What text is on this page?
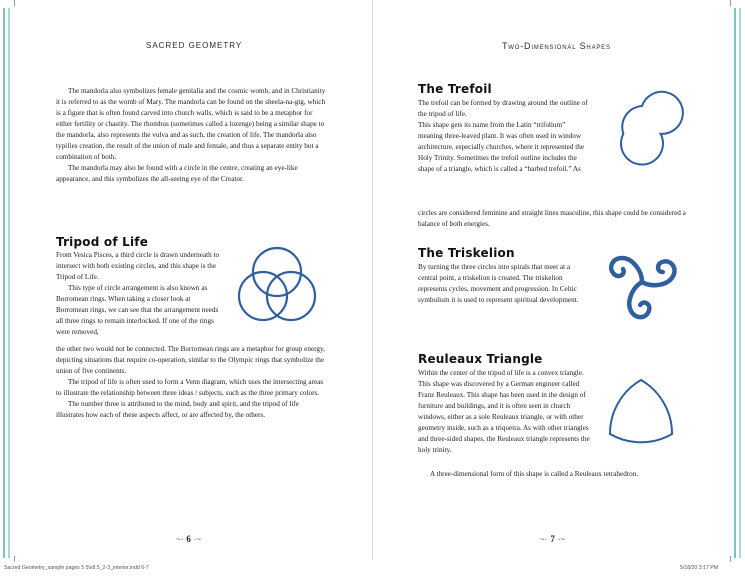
SACRED GEOMETRY	Two-Dimensional Shapes

The mandorla also symbolizes female genitalia and the cosmic womb, and in Christianity it is referred to as the womb of Mary. The mandorla can be found on the sheela-na-gig, which is a figure that is often found carved into church walls, which is said to be a metaphor for either fertility or chastity. The rhombus (sometimes called a lozenge) being a similar shape to the mandorla, also represents the vulva and as such, the creation of life. The mandorla also typifies creation, the result of the union of male and female, and thus a separate entity but a combination of both.

The mandorla may also be found with a circle in the centre, creating an eye-like appearance, and this symbolizes the all-seeing eye of the Creator.

Tripod of Life

From Vesica Pisces, a third circle is drawn underneath to intersect with both existing circles, and this shape is the Tripod of Life.

This type of circle arrangement is also known as Borromean rings. When taking a closer look at Borromean rings, we can see that the arrangement needs all three rings to remain interlocked. If one of the rings were removed,

the other two would not be connected. The Borromean rings are a metaphor for group energy, depicting situations that require co-operation, similar to the Olympic rings that symbolize the union of five continents.

The tripod of life is often used to form a Venn diagram, which uses the intersecting areas to illustrate the relationship between three ideas / subjects, such as the three primary colors.

The number three is attributed to the mind, body and spirit, and the tripod of life illustrates how each of these aspects affect, or are affected by, the others.

~· 6 ·~
Sacred Geometry_sample pages 5 5\x8.5_2-3_interior.indd 6-7
The Trefoil

The trefoil can be formed by drawing around the outline of the tripod of life.

This shape gets its name from the Latin “trifolium” meaning three-leaved plant. It was often used in window architecture, especially churches, where it represented the Holy Trinity. Sometimes the trefoil outline includes the shape of a triangle, which is called a “barbed trefoil.” As

circles are considered feminine and straight lines masculine, this shape could be considered a balance of both energies.

The Triskelion

By turning the three circles into spirals that meet at a central point, a triskelion is created. The triskelion represents cycles, movement and progression. In Celtic symbolism it is used to represent spiritual development.

Reuleaux Triangle

Within the center of the tripod of life is a convex triangle. This shape was discovered by a German engineer called Franz Reuleaux. This shape has been used in the design of furniture and buildings, and it is often seen in church windows, either as a sole Reuleaux triangle, or with other geometry inside, such as a triquetra. As with other triangles and three-sided shapes, the Reuleaux triangle represents the holy trinity.

A three-dimensional form of this shape is called a Reuleaux tetrahedron.

~· 7 ·~
5/18/20 3:17 PM
